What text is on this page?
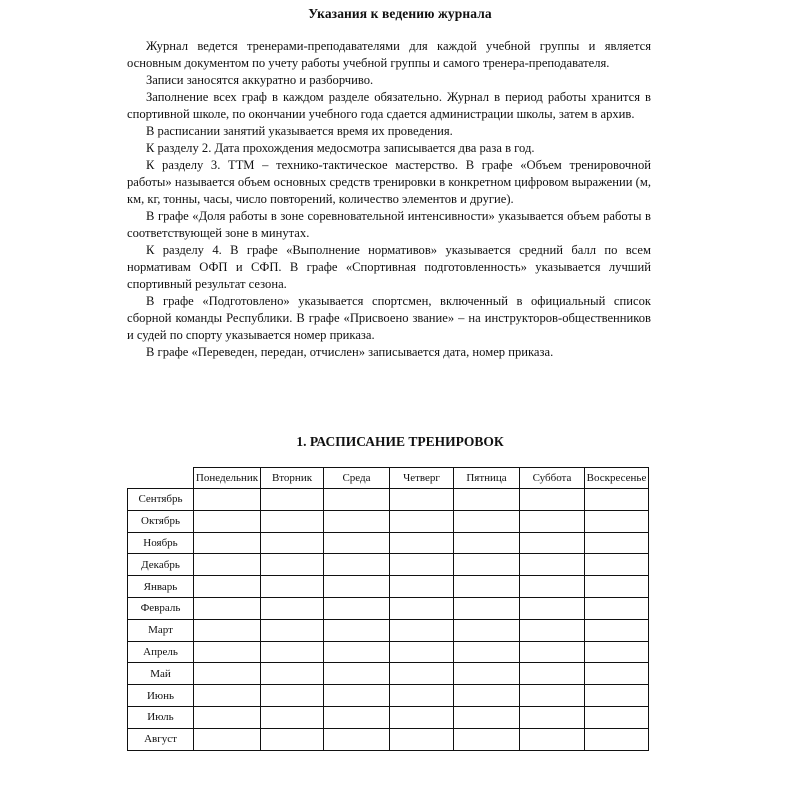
Указания к ведению журнала

Журнал ведется тренерами-преподавателями для каждой учебной группы и является основным документом по учету работы учебной группы и самого тренера-преподавателя.

Записи заносятся аккуратно и разборчиво.

Заполнение всех граф в каждом разделе обязательно. Журнал в период работы хранится в спортивной школе, по окончании учебного года сдается администрации школы, затем в архив.

В расписании занятий указывается время их проведения.

К разделу 2. Дата прохождения медосмотра записывается два раза в год.

К разделу 3. ТТМ – технико-тактическое мастерство. В графе «Объем тренировочной работы» называется объем основных средств тренировки в конкретном цифровом выражении (м, км, кг, тонны, часы, число повторений, количество элементов и другие).

В графе «Доля работы в зоне соревновательной интенсивности» указывается объем работы в соответствующей зоне в минутах.

К разделу 4. В графе «Выполнение нормативов» указывается средний балл по всем нормативам ОФП и СФП. В графе «Спортивная подготовленность» указывается лучший спортивный результат сезона.

В графе «Подготовлено» указывается спортсмен, включенный в официальный список сборной команды Республики. В графе «Присвоено звание» – на инструкторов-общественников и судей по спорту указывается номер приказа.

В графе «Переведен, передан, отчислен» записывается дата, номер приказа.

1. РАСПИСАНИЕ ТРЕНИРОВОК
	Понедельник	Вторник	Среда	Четверг	Пятница	Суббота	Воскресенье
Сентябрь							
Октябрь							
Ноябрь							
Декабрь							
Январь							
Февраль							
Март							
Апрель							
Май							
Июнь							
Июль							
Август							
